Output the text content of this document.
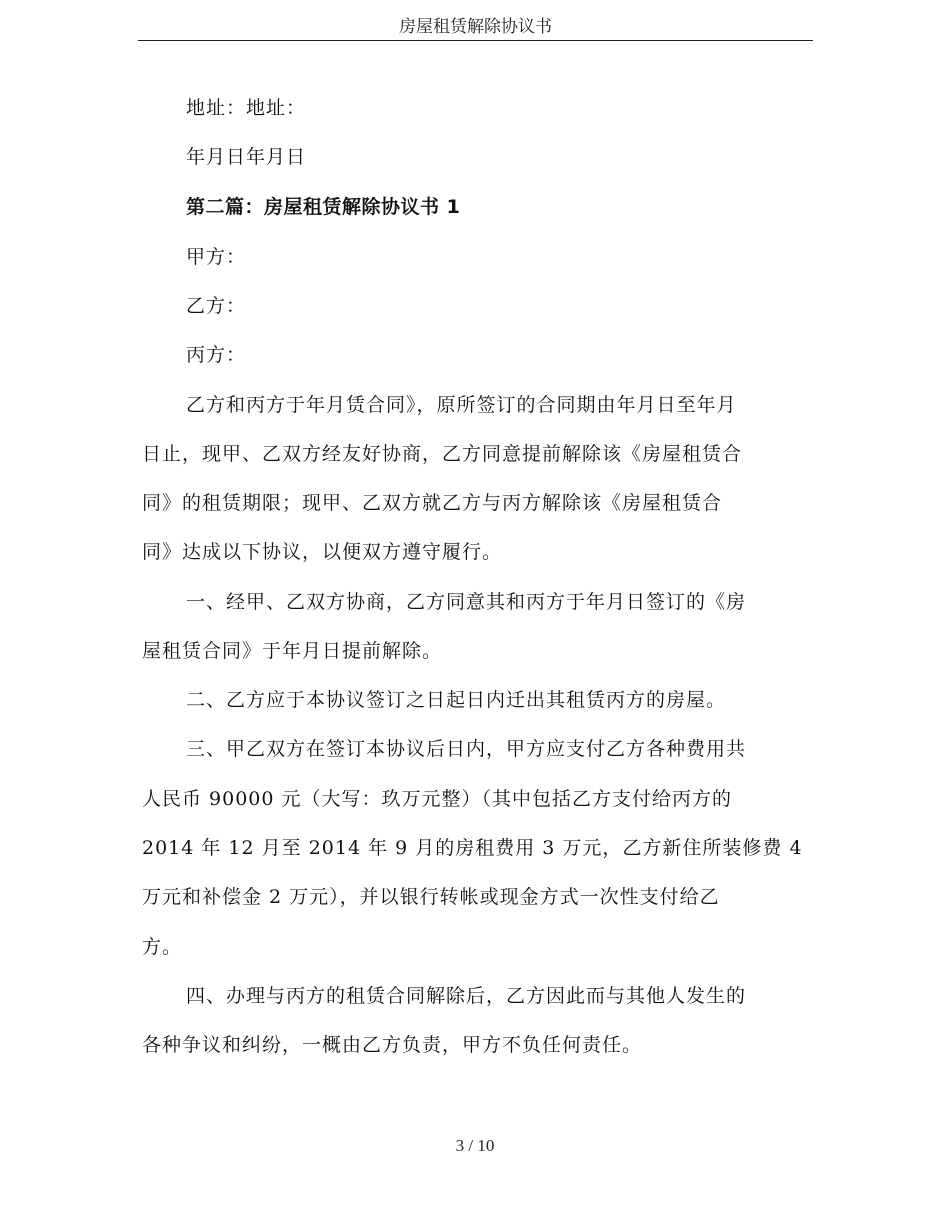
房屋租赁解除协议书
地址：地址：
年月日年月日
第二篇：房屋租赁解除协议书 1
甲方：
乙方：
丙方：
乙方和丙方于年月赁合同》，原所签订的合同期由年月日至年月
日止，现甲、乙双方经友好协商，乙方同意提前解除该《房屋租赁合
同》的租赁期限；现甲、乙双方就乙方与丙方解除该《房屋租赁合
同》达成以下协议，以便双方遵守履行。
一、经甲、乙双方协商，乙方同意其和丙方于年月日签订的《房
屋租赁合同》于年月日提前解除。
二、乙方应于本协议签订之日起日内迁出其租赁丙方的房屋。
三、甲乙双方在签订本协议后日内，甲方应支付乙方各种费用共
人民币 90000 元（大写：玖万元整）（其中包括乙方支付给丙方的
2014 年 12 月至 2014 年 9 月的房租费用 3 万元，乙方新住所装修费 4
万元和补偿金 2 万元），并以银行转帐或现金方式一次性支付给乙
方。
四、办理与丙方的租赁合同解除后，乙方因此而与其他人发生的
各种争议和纠纷，一概由乙方负责，甲方不负任何责任。
3 / 10
